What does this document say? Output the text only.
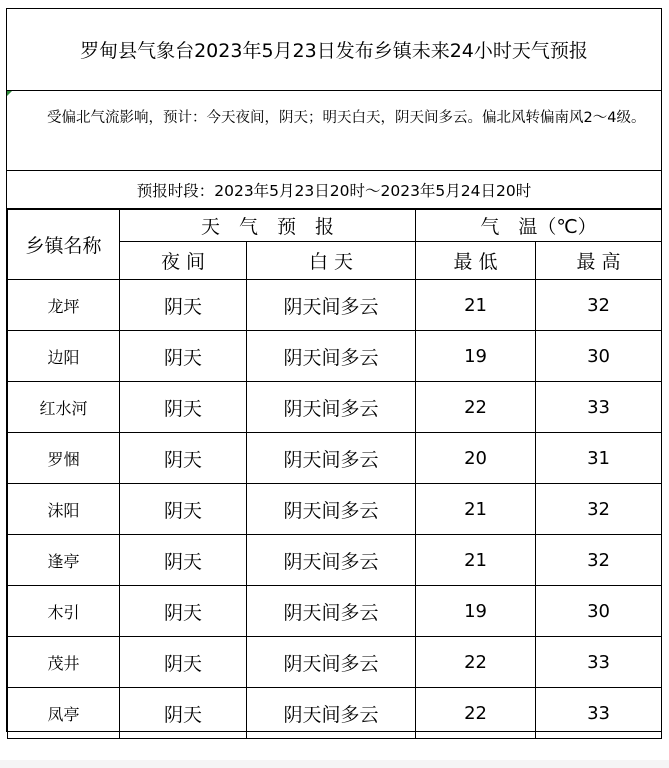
罗甸县气象台2023年5月23日发布乡镇未来24小时天气预报
受偏北气流影响，预计：今天夜间，阴天；明天白天，阴天间多云。偏北风转偏南风2～4级。
预报时段：2023年5月23日20时～2023年5月24日20时
乡镇名称	天　气　预　报		气　温（℃）	
	夜 间	白 天	最 低	最 高
龙坪	阴天	阴天间多云	21	32
边阳	阴天	阴天间多云	19	30
红水河	阴天	阴天间多云	22	33
罗悃	阴天	阴天间多云	20	31
沫阳	阴天	阴天间多云	21	32
逢亭	阴天	阴天间多云	21	32
木引	阴天	阴天间多云	19	30
茂井	阴天	阴天间多云	22	33
凤亭	阴天	阴天间多云	22	33
